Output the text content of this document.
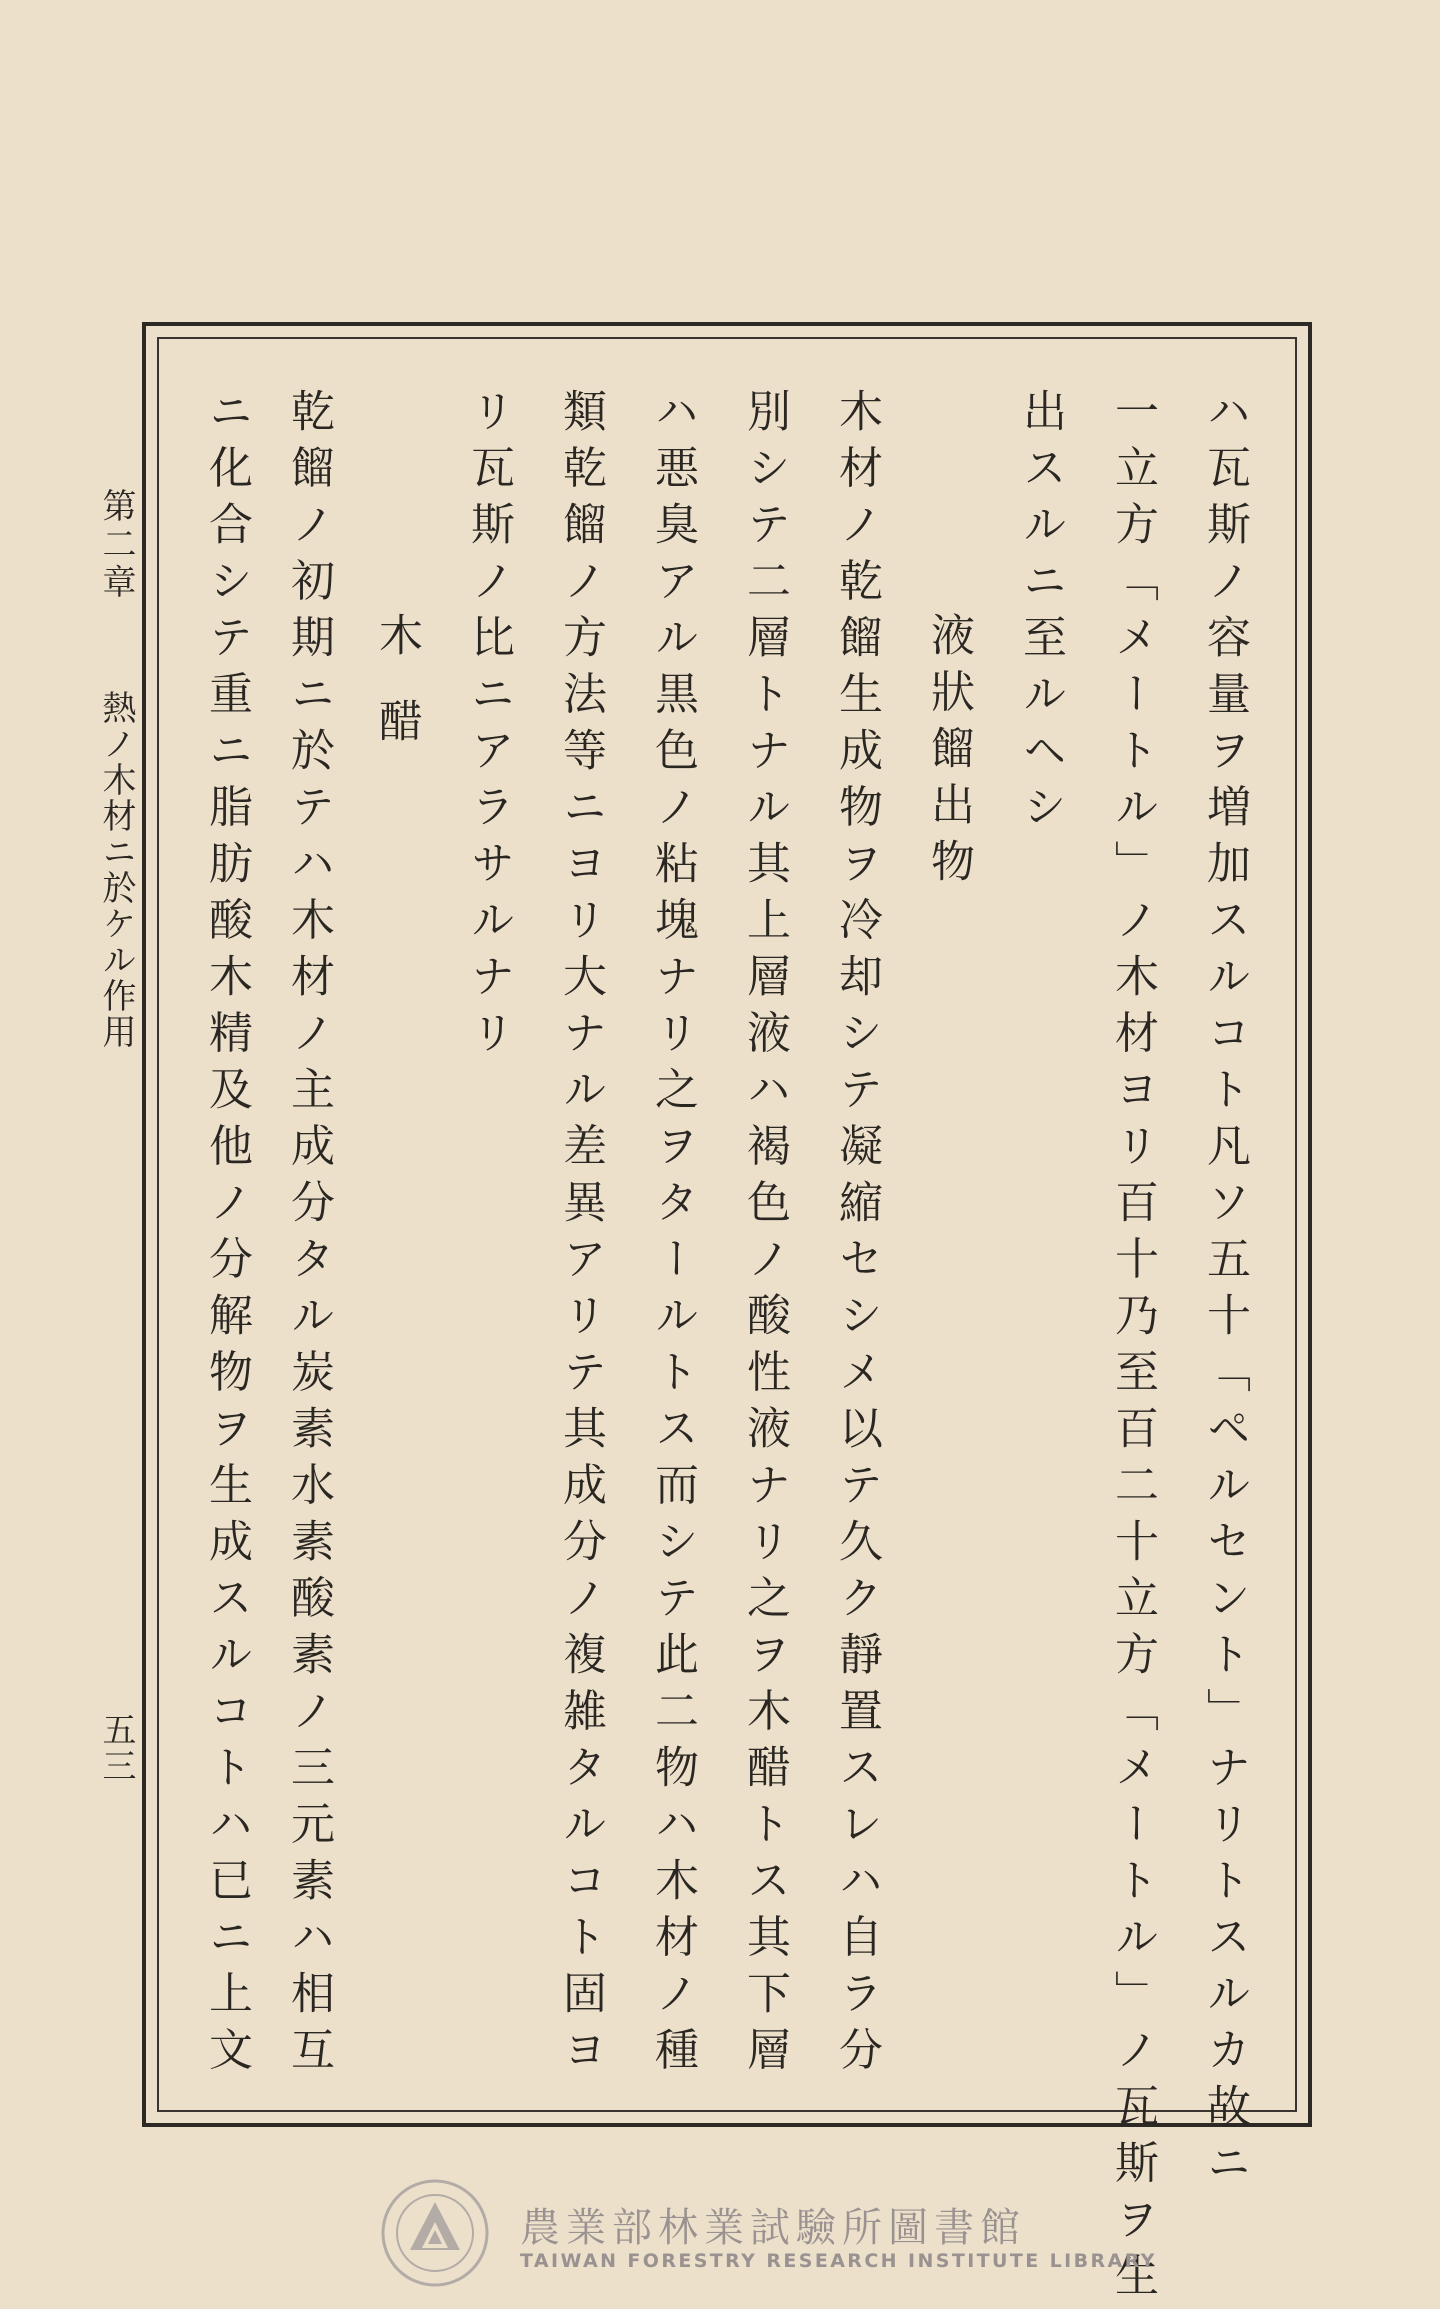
ハ瓦斯ノ容量ヲ増加スルコト凡ソ五十「ペルセント」ナリトスルカ故ニ
一立方「メートル」ノ木材ヨリ百十乃至百二十立方「メートル」ノ瓦斯ヲ生
出スルニ至ルヘシ
液狀餾出物
木材ノ乾餾生成物ヲ冷却シテ凝縮セシメ以テ久ク靜置スレハ自ラ分
別シテ二層トナル其上層液ハ褐色ノ酸性液ナリ之ヲ木醋トス其下層
ハ悪臭アル黒色ノ粘塊ナリ之ヲタールトス而シテ此二物ハ木材ノ種
類乾餾ノ方法等ニヨリ大ナル差異アリテ其成分ノ複雑タルコト固ヨ
リ瓦斯ノ比ニアラサルナリ
木醋
乾餾ノ初期ニ於テハ木材ノ主成分タル炭素水素酸素ノ三元素ハ相互
第二章
熱ノ木材ニ於ケル作用
五三
農業部林業試驗所圖書館
TAIWAN FORESTRY RESEARCH INSTITUTE LIBRARY
ニ化合シテ重ニ脂肪酸木精及他ノ分解物ヲ生成スルコトハ已ニ上文
